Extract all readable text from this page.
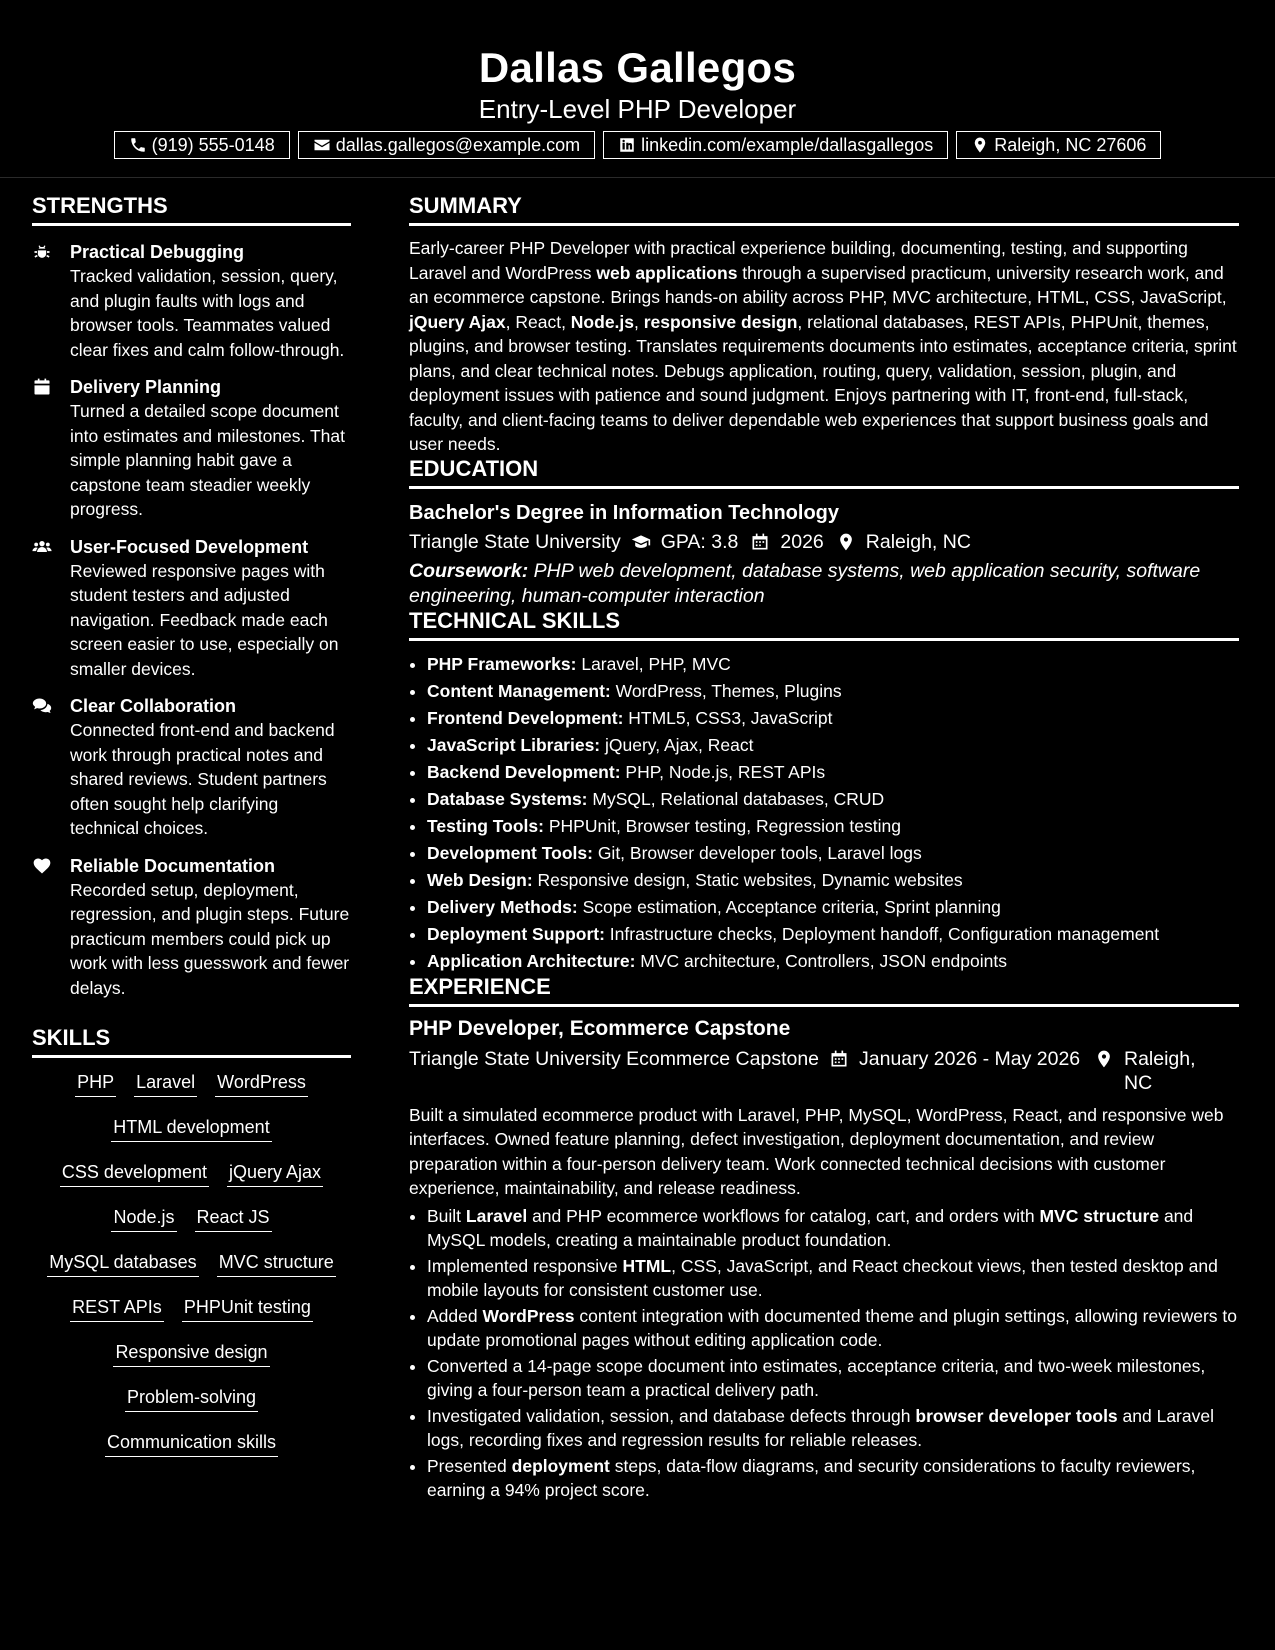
Dallas Gallegos
Entry-Level PHP Developer
(919) 555-0148	dallas.gallegos@example.com	linkedin.com/example/dallasgallegos	Raleigh, NC 27606
STRENGTHS
Practical Debugging
Tracked validation, session, query, and plugin faults with logs and browser tools. Teammates valued clear fixes and calm follow-through.
Delivery Planning
Turned a detailed scope document into estimates and milestones. That simple planning habit gave a capstone team steadier weekly progress.
User-Focused Development
Reviewed responsive pages with student testers and adjusted navigation. Feedback made each screen easier to use, especially on smaller devices.
Clear Collaboration
Connected front-end and backend work through practical notes and shared reviews. Student partners often sought help clarifying technical choices.
Reliable Documentation
Recorded setup, deployment, regression, and plugin steps. Future practicum members could pick up work with less guesswork and fewer delays.
SKILLS
PHP Laravel WordPress
HTML development
CSS development jQuery Ajax
Node.js React JS
MySQL databases MVC structure
REST APIs PHPUnit testing
Responsive design
Problem-solving
Communication skills
SUMMARY
Early-career PHP Developer with practical experience building, documenting, testing, and supporting Laravel and WordPress web applications through a supervised practicum, university research work, and an ecommerce capstone. Brings hands-on ability across PHP, MVC architecture, HTML, CSS, JavaScript, jQuery Ajax, React, Node.js, responsive design, relational databases, REST APIs, PHPUnit, themes, plugins, and browser testing. Translates requirements documents into estimates, acceptance criteria, sprint plans, and clear technical notes. Debugs application, routing, query, validation, session, plugin, and deployment issues with patience and sound judgment. Enjoys partnering with IT, front-end, full-stack, faculty, and client-facing teams to deliver dependable web experiences that support business goals and user needs.
EDUCATION
Bachelor's Degree in Information Technology
Triangle State University GPA: 3.8 2026 Raleigh, NC
Coursework: PHP web development, database systems, web application security, software engineering, human-computer interaction
TECHNICAL SKILLS
• PHP Frameworks: Laravel, PHP, MVC
• Content Management: WordPress, Themes, Plugins
• Frontend Development: HTML5, CSS3, JavaScript
• JavaScript Libraries: jQuery, Ajax, React
• Backend Development: PHP, Node.js, REST APIs
• Database Systems: MySQL, Relational databases, CRUD
• Testing Tools: PHPUnit, Browser testing, Regression testing
• Development Tools: Git, Browser developer tools, Laravel logs
• Web Design: Responsive design, Static websites, Dynamic websites
• Delivery Methods: Scope estimation, Acceptance criteria, Sprint planning
• Deployment Support: Infrastructure checks, Deployment handoff, Configuration management
• Application Architecture: MVC architecture, Controllers, JSON endpoints
EXPERIENCE
PHP Developer, Ecommerce Capstone
Triangle State University Ecommerce Capstone	January 2026 - May 2026 Raleigh, NC
Built a simulated ecommerce product with Laravel, PHP, MySQL, WordPress, React, and responsive web interfaces. Owned feature planning, defect investigation, deployment documentation, and review preparation within a four-person delivery team. Work connected technical decisions with customer experience, maintainability, and release readiness.
• Built Laravel and PHP ecommerce workflows for catalog, cart, and orders with MVC structure and MySQL models, creating a maintainable product foundation.
• Implemented responsive HTML, CSS, JavaScript, and React checkout views, then tested desktop and mobile layouts for consistent customer use.
• Added WordPress content integration with documented theme and plugin settings, allowing reviewers to update promotional pages without editing application code.
• Converted a 14-page scope document into estimates, acceptance criteria, and two-week milestones, giving a four-person team a practical delivery path.
• Investigated validation, session, and database defects through browser developer tools and Laravel logs, recording fixes and regression results for reliable releases.
• Presented deployment steps, data-flow diagrams, and security considerations to faculty reviewers, earning a 94% project score.
